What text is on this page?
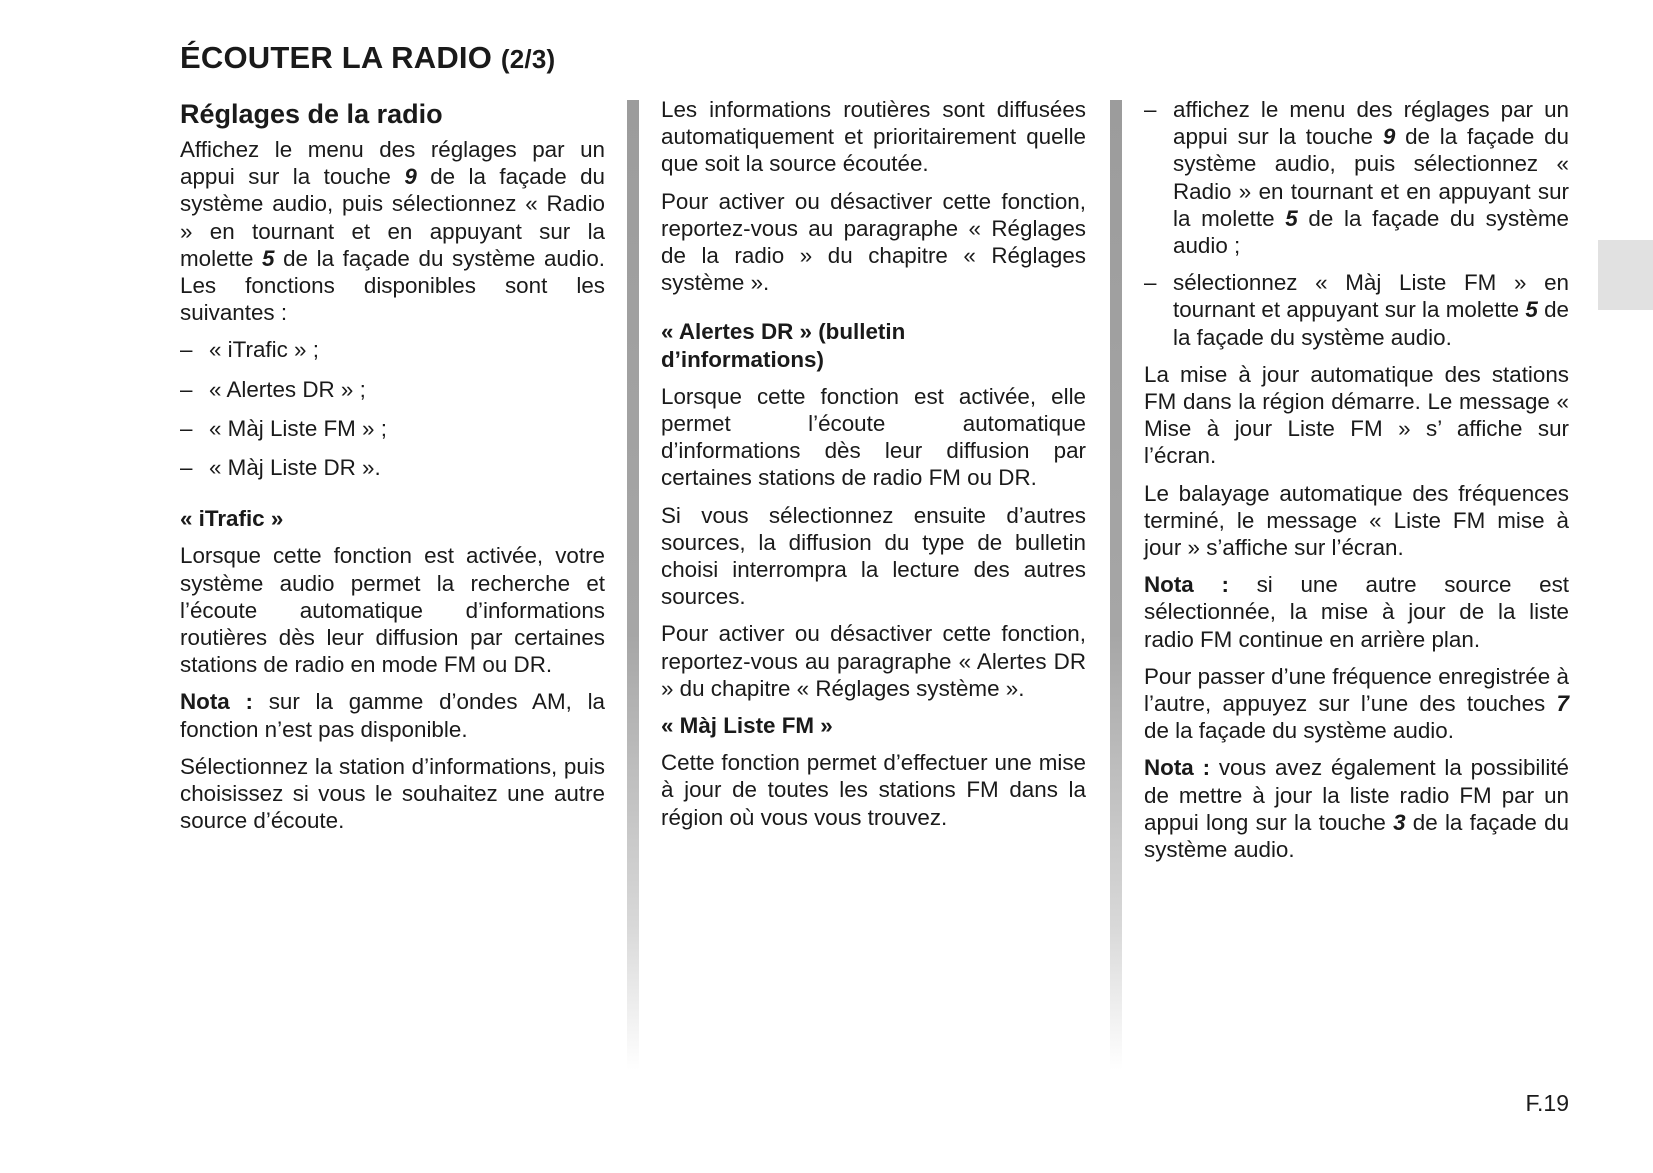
ÉCOUTER LA RADIO (2/3)
Réglages de la radio

Affichez le menu des réglages par un appui sur la touche 9 de la façade du système audio, puis sélectionnez « Radio » en tournant et en appuyant sur la molette 5 de la façade du système audio. Les fonctions disponibles sont les suivantes :

– « iTrafic » ;
– « Alertes DR » ;
– « Màj Liste FM » ;
– « Màj Liste DR ».

« iTrafic »

Lorsque cette fonction est activée, votre système audio permet la recherche et l’écoute automatique d’informations routières dès leur diffusion par certaines stations de radio en mode FM ou DR.

Nota : sur la gamme d’ondes AM, la fonction n’est pas disponible.

Sélectionnez la station d’informations, puis choisissez si vous le souhaitez une autre source d’écoute.

Les informations routières sont diffusées automatiquement et prioritairement quelle que soit la source écoutée.

Pour activer ou désactiver cette fonction, reportez-vous au paragraphe « Réglages de la radio » du chapitre « Réglages système ».

« Alertes DR » (bulletin
d’informations)

Lorsque cette fonction est activée, elle permet l’écoute automatique d’informations dès leur diffusion par certaines stations de radio FM ou DR.

Si vous sélectionnez ensuite d’autres sources, la diffusion du type de bulletin choisi interrompra la lecture des autres sources.

Pour activer ou désactiver cette fonction, reportez-vous au paragraphe « Alertes DR » du chapitre « Réglages système ».

« Màj Liste FM »

Cette fonction permet d’effectuer une mise à jour de toutes les stations FM dans la région où vous vous trouvez.

– affichez le menu des réglages par un appui sur la touche 9 de la façade du système audio, puis sélectionnez « Radio » en tournant et en appuyant sur la molette 5 de la façade du système audio ;
– sélectionnez « Màj Liste FM » en tournant et appuyant sur la molette 5 de la façade du système audio.

La mise à jour automatique des stations FM dans la région démarre. Le message « Mise à jour Liste FM » s’ affiche sur l’écran.

Le balayage automatique des fréquences terminé, le message « Liste FM mise à jour » s’affiche sur l’écran.

Nota : si une autre source est sélectionnée, la mise à jour de la liste radio FM continue en arrière plan.

Pour passer d’une fréquence enregistrée à l’autre, appuyez sur l’une des touches 7 de la façade du système audio.

Nota : vous avez également la possibilité de mettre à jour la liste radio FM par un appui long sur la touche 3 de la façade du système audio.

F.19
